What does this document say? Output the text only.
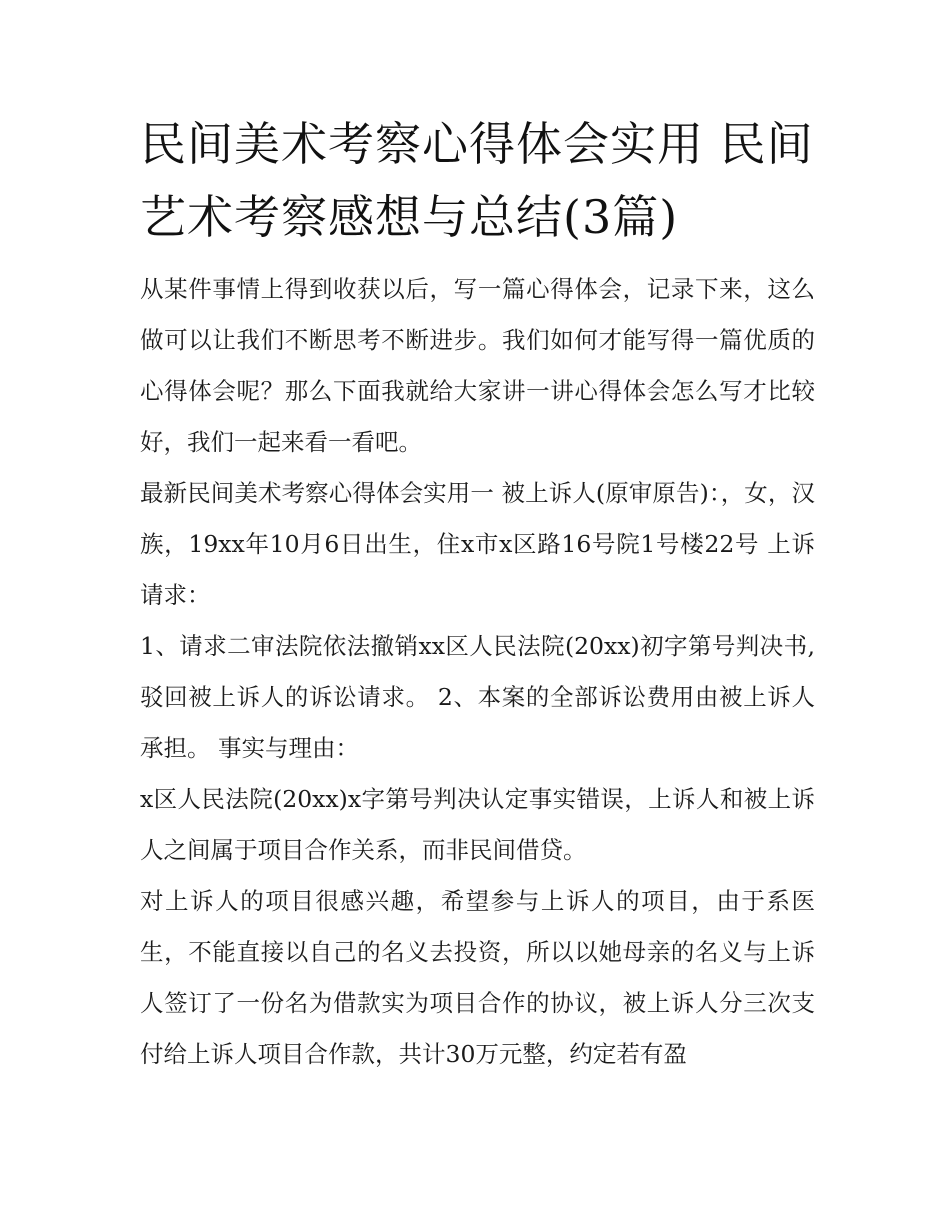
民间美术考察心得体会实用 民间艺术考察感想与总结(3篇)

从某件事情上得到收获以后，写一篇心得体会，记录下来，这么做可以让我们不断思考不断进步。我们如何才能写得一篇优质的心得体会呢？那么下面我就给大家讲一讲心得体会怎么写才比较好，我们一起来看一看吧。

最新民间美术考察心得体会实用一 被上诉人(原审原告)：，女，汉族，19xx年10月6日出生，住x市x区路16号院1号楼22号 上诉请求：

1、请求二审法院依法撤销xx区人民法院(20xx)初字第号判决书,驳回被上诉人的诉讼请求。 2、本案的全部诉讼费用由被上诉人承担。 事实与理由：

x区人民法院(20xx)x字第号判决认定事实错误，上诉人和被上诉人之间属于项目合作关系，而非民间借贷。

对上诉人的项目很感兴趣，希望参与上诉人的项目，由于系医生，不能直接以自己的名义去投资，所以以她母亲的名义与上诉人签订了一份名为借款实为项目合作的协议，被上诉人分三次支付给上诉人项目合作款，共计30万元整，约定若有盈
